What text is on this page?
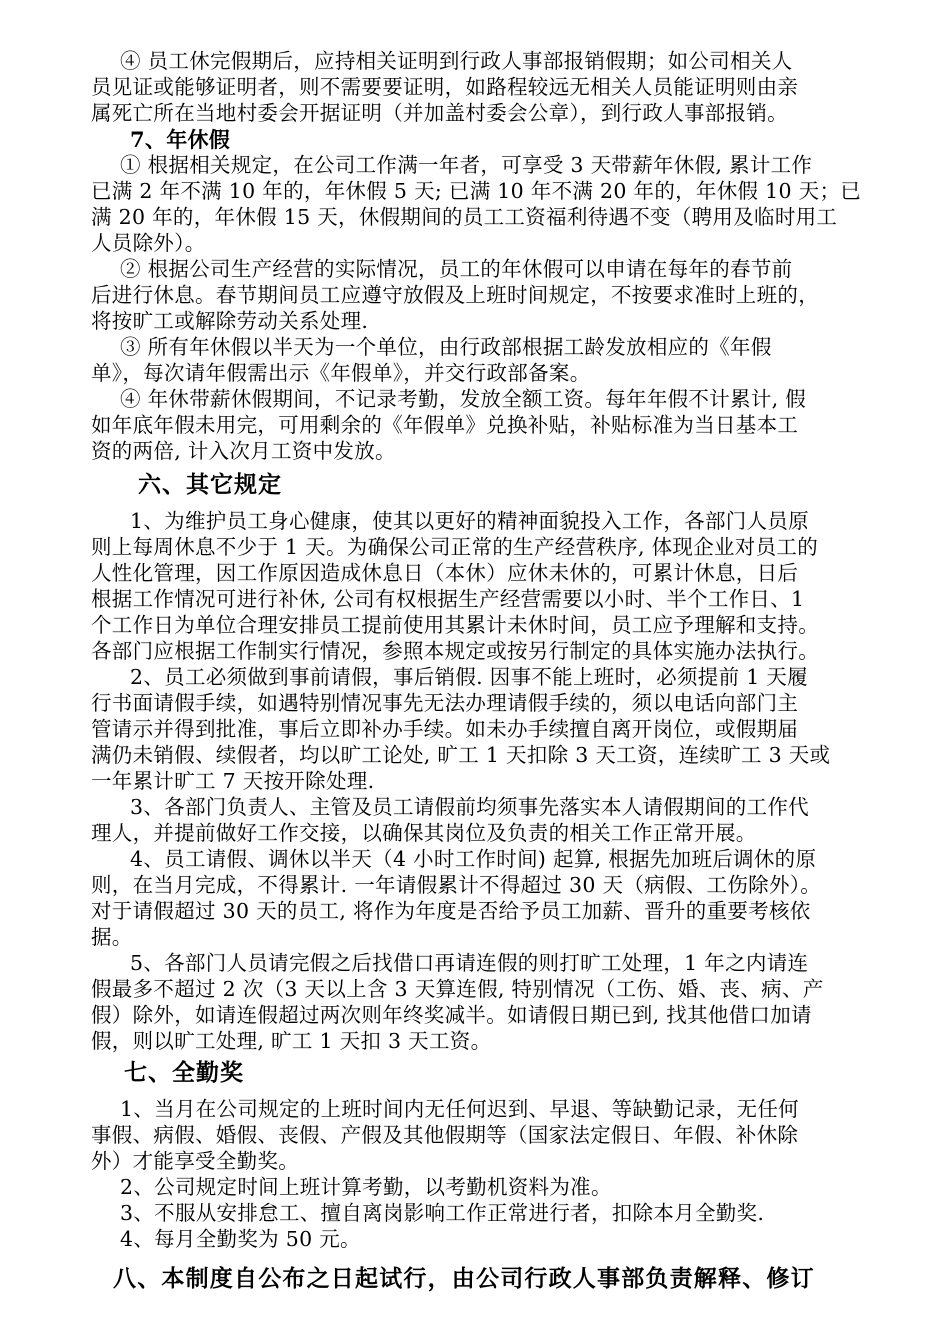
④ 员工休完假期后，应持相关证明到行政人事部报销假期；如公司相关人
员见证或能够证明者，则不需要要证明，如路程较远无相关人员能证明则由亲
属死亡所在当地村委会开据证明（并加盖村委会公章），到行政人事部报销。
7、年休假
① 根据相关规定，在公司工作满一年者，可享受 3 天带薪年休假, 累计工作
已满 2 年不满 10 年的，年休假 5 天; 已满 10 年不满 20 年的，年休假 10 天；已
满 20 年的，年休假 15 天，休假期间的员工工资福利待遇不变（聘用及临时用工
人员除外）。
② 根据公司生产经营的实际情况，员工的年休假可以申请在每年的春节前
后进行休息。春节期间员工应遵守放假及上班时间规定，不按要求准时上班的，
将按旷工或解除劳动关系处理.
③ 所有年休假以半天为一个单位，由行政部根据工龄发放相应的《年假
单》，每次请年假需出示《年假单》，并交行政部备案。
④ 年休带薪休假期间，不记录考勤，发放全额工资。每年年假不计累计, 假
如年底年假未用完，可用剩余的《年假单》兑换补贴，补贴标准为当日基本工
资的两倍, 计入次月工资中发放。
六、其它规定
1、为维护员工身心健康，使其以更好的精神面貌投入工作，各部门人员原
则上每周休息不少于 1 天。为确保公司正常的生产经营秩序, 体现企业对员工的
人性化管理，因工作原因造成休息日（本休）应休未休的，可累计休息，日后
根据工作情况可进行补休, 公司有权根据生产经营需要以小时、半个工作日、1
个工作日为单位合理安排员工提前使用其累计未休时间，员工应予理解和支持。
各部门应根据工作制实行情况，参照本规定或按另行制定的具体实施办法执行。
2、员工必须做到事前请假，事后销假. 因事不能上班时，必须提前 1 天履
行书面请假手续，如遇特别情况事先无法办理请假手续的，须以电话向部门主
管请示并得到批准，事后立即补办手续。如未办手续擅自离开岗位，或假期届
满仍未销假、续假者，均以旷工论处, 旷工 1 天扣除 3 天工资，连续旷工 3 天或
一年累计旷工 7 天按开除处理.
3、各部门负责人、主管及员工请假前均须事先落实本人请假期间的工作代
理人，并提前做好工作交接，以确保其岗位及负责的相关工作正常开展。
4、员工请假、调休以半天（4 小时工作时间) 起算, 根据先加班后调休的原
则，在当月完成，不得累计. 一年请假累计不得超过 30 天（病假、工伤除外）。
对于请假超过 30 天的员工, 将作为年度是否给予员工加薪、晋升的重要考核依
据。
5、各部门人员请完假之后找借口再请连假的则打旷工处理，1 年之内请连
假最多不超过 2 次（3 天以上含 3 天算连假, 特别情况（工伤、婚、丧、病、产
假）除外，如请连假超过两次则年终奖减半。如请假日期已到, 找其他借口加请
假，则以旷工处理, 旷工 1 天扣 3 天工资。
七、全勤奖
1、当月在公司规定的上班时间内无任何迟到、早退、等缺勤记录，无任何
事假、病假、婚假、丧假、产假及其他假期等（国家法定假日、年假、补休除
外）才能享受全勤奖。
2、公司规定时间上班计算考勤，以考勤机资料为准。
3、不服从安排怠工、擅自离岗影响工作正常进行者，扣除本月全勤奖.
4、每月全勤奖为 50 元。
八、本制度自公布之日起试行，由公司行政人事部负责解释、修订
